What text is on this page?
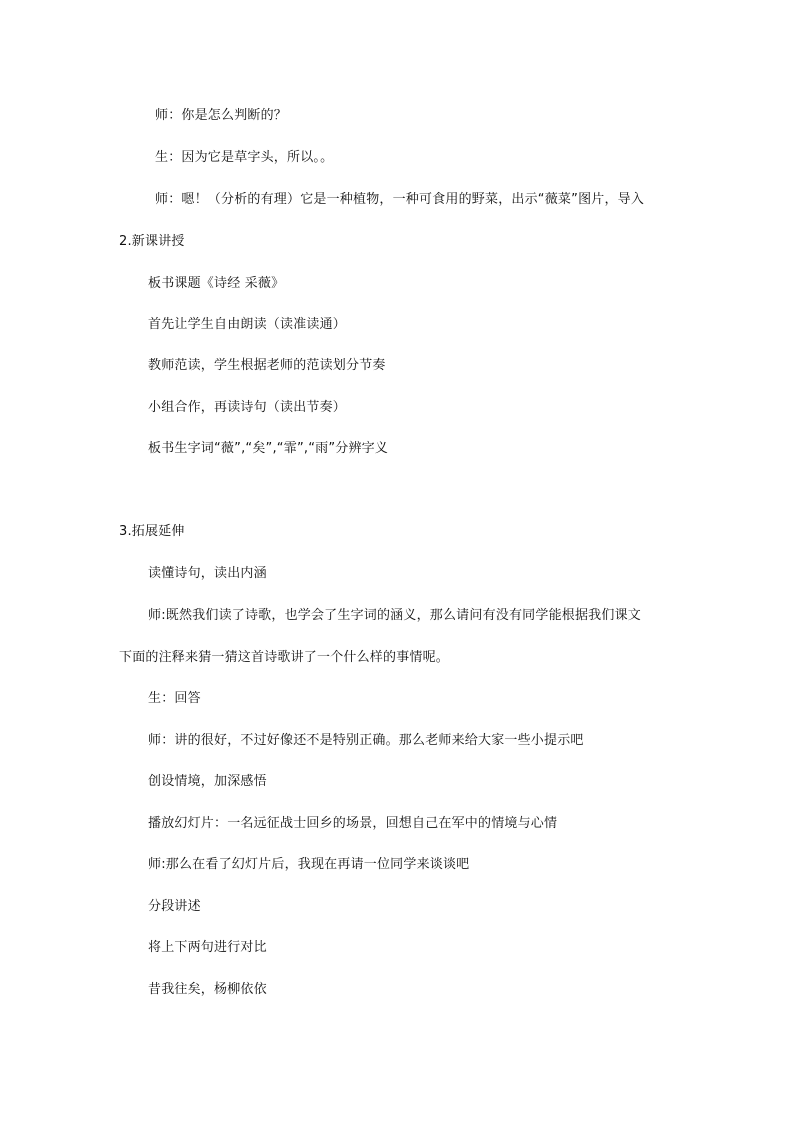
师：你是怎么判断的？
生：因为它是草字头，所以。。
师：嗯！（分析的有理）它是一种植物，一种可食用的野菜，出示“薇菜”图片，导入
2.新课讲授
板书课题《诗经 采薇》
首先让学生自由朗读（读准读通）
教师范读，学生根据老师的范读划分节奏
小组合作，再读诗句（读出节奏）
板书生字词“薇”,“矣”,“霏”,“雨”分辨字义
3.拓展延伸
读懂诗句，读出内涵
师:既然我们读了诗歌，也学会了生字词的涵义，那么请问有没有同学能根据我们课文
下面的注释来猜一猜这首诗歌讲了一个什么样的事情呢。
生：回答
师：讲的很好，不过好像还不是特别正确。那么老师来给大家一些小提示吧
创设情境，加深感悟
播放幻灯片：一名远征战士回乡的场景，回想自己在军中的情境与心情
师:那么在看了幻灯片后，我现在再请一位同学来谈谈吧
分段讲述
将上下两句进行对比
昔我往矣，杨柳依依
